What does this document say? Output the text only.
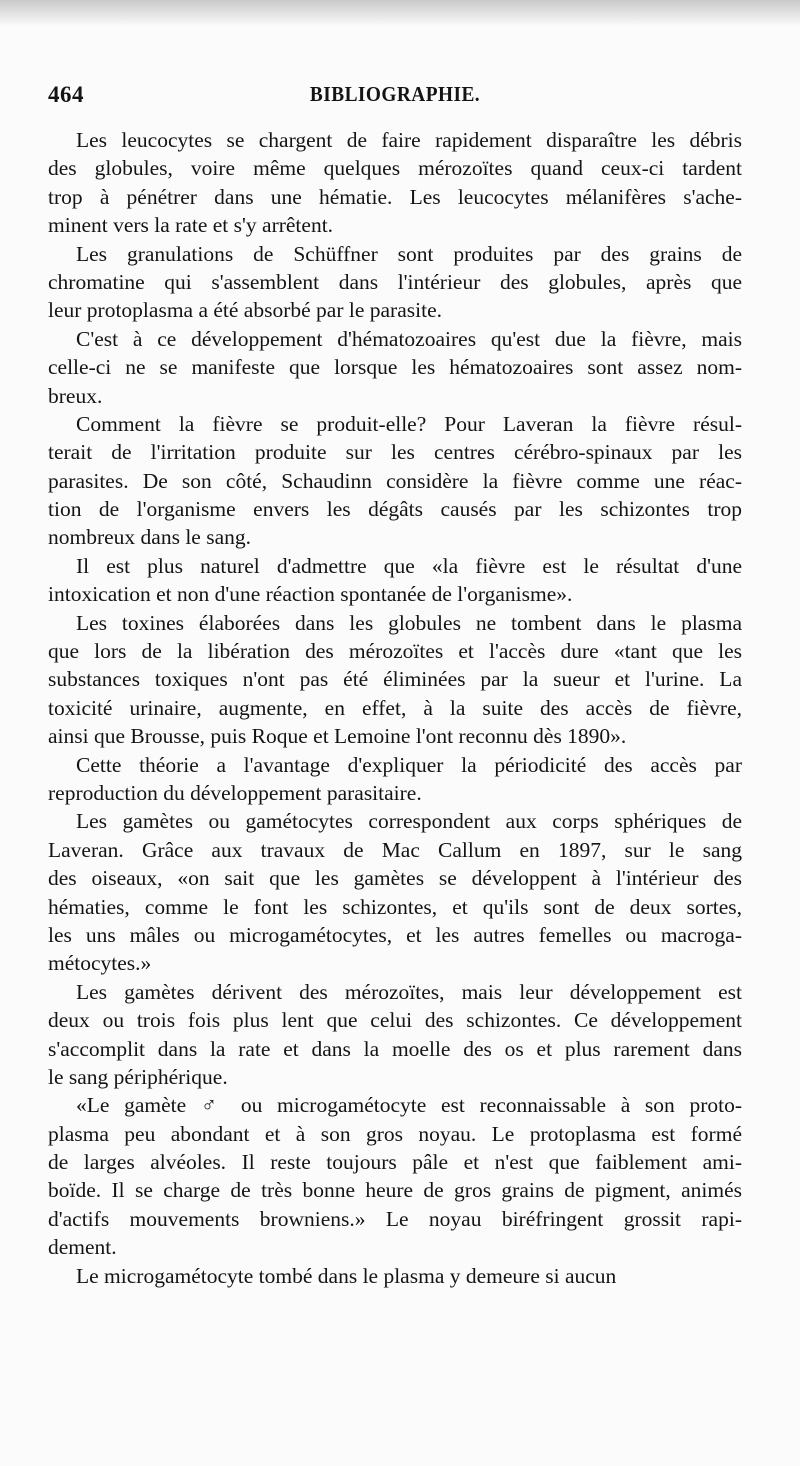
464	BIBLIOGRAPHIE.
Les leucocytes se chargent de faire rapidement disparaître les débris
des globules, voire même quelques mérozoïtes quand ceux-ci tardent
trop à pénétrer dans une hématie. Les leucocytes mélanifères s'ache-
minent vers la rate et s'y arrêtent.
Les granulations de Schüffner sont produites par des grains de
chromatine qui s'assemblent dans l'intérieur des globules, après que
leur protoplasma a été absorbé par le parasite.
C'est à ce développement d'hématozoaires qu'est due la fièvre, mais
celle-ci ne se manifeste que lorsque les hématozoaires sont assez nom-
breux.
Comment la fièvre se produit-elle? Pour Laveran la fièvre résul-
terait de l'irritation produite sur les centres cérébro-spinaux par les
parasites. De son côté, Schaudinn considère la fièvre comme une réac-
tion de l'organisme envers les dégâts causés par les schizontes trop
nombreux dans le sang.
Il est plus naturel d'admettre que «la fièvre est le résultat d'une
intoxication et non d'une réaction spontanée de l'organisme».
Les toxines élaborées dans les globules ne tombent dans le plasma
que lors de la libération des mérozoïtes et l'accès dure «tant que les
substances toxiques n'ont pas été éliminées par la sueur et l'urine. La
toxicité urinaire, augmente, en effet, à la suite des accès de fièvre,
ainsi que Brousse, puis Roque et Lemoine l'ont reconnu dès 1890».
Cette théorie a l'avantage d'expliquer la périodicité des accès par
reproduction du développement parasitaire.
Les gamètes ou gamétocytes correspondent aux corps sphériques de
Laveran. Grâce aux travaux de Mac Callum en 1897, sur le sang
des oiseaux, «on sait que les gamètes se développent à l'intérieur des
hématies, comme le font les schizontes, et qu'ils sont de deux sortes,
les uns mâles ou microgamétocytes, et les autres femelles ou macroga-
métocytes.»
Les gamètes dérivent des mérozoïtes, mais leur développement est
deux ou trois fois plus lent que celui des schizontes. Ce développement
s'accomplit dans la rate et dans la moelle des os et plus rarement dans
le sang périphérique.
«Le gamète ♂ ou microgamétocyte est reconnaissable à son proto-
plasma peu abondant et à son gros noyau. Le protoplasma est formé
de larges alvéoles. Il reste toujours pâle et n'est que faiblement ami-
boïde. Il se charge de très bonne heure de gros grains de pigment, animés
d'actifs mouvements browniens.» Le noyau biréfringent grossit rapi-
dement.
Le microgamétocyte tombé dans le plasma y demeure si aucun
